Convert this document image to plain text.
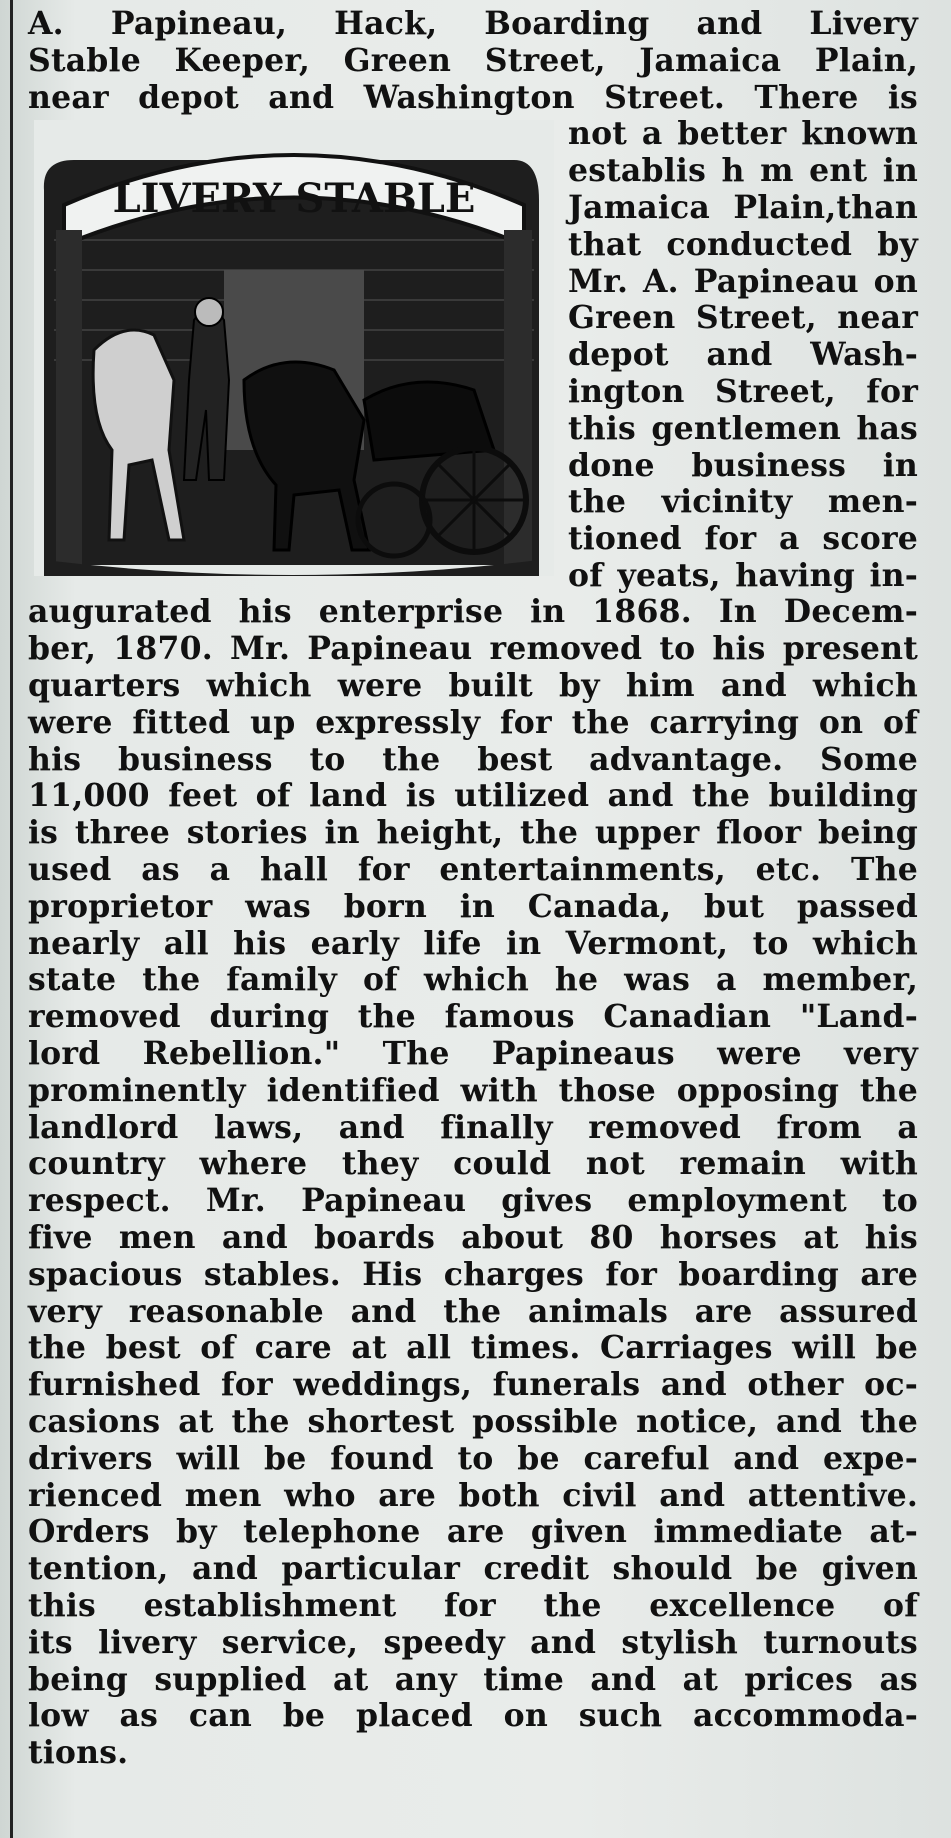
A. Papineau, Hack, Boarding and Livery
Stable Keeper, Green Street, Jamaica Plain,
near depot and Washington Street. There is
LIVERY STABLE
not a better known
establis h m ent in
Jamaica Plain,than
that conducted by
Mr. A. Papineau on
Green Street, near
depot and Wash-
ington Street, for
this gentlemen has
done business in
the vicinity men-
tioned for a score
of yeats, having in-
augurated his enterprise in 1868. In Decem-
ber, 1870. Mr. Papineau removed to his present
quarters which were built by him and which
were fitted up expressly for the carrying on of
his business to the best advantage. Some
11,000 feet of land is utilized and the building
is three stories in height, the upper floor being
used as a hall for entertainments, etc. The
proprietor was born in Canada, but passed
nearly all his early life in Vermont, to which
state the family of which he was a member,
removed during the famous Canadian "Land-
lord Rebellion." The Papineaus were very
prominently identified with those opposing the
landlord laws, and finally removed from a
country where they could not remain with
respect. Mr. Papineau gives employment to
five men and boards about 80 horses at his
spacious stables. His charges for boarding are
very reasonable and the animals are assured
the best of care at all times. Carriages will be
furnished for weddings, funerals and other oc-
casions at the shortest possible notice, and the
drivers will be found to be careful and expe-
rienced men who are both civil and attentive.
Orders by telephone are given immediate at-
tention, and particular credit should be given
this establishment for the excellence of
its livery service, speedy and stylish turnouts
being supplied at any time and at prices as
low as can be placed on such accommoda-
tions.
